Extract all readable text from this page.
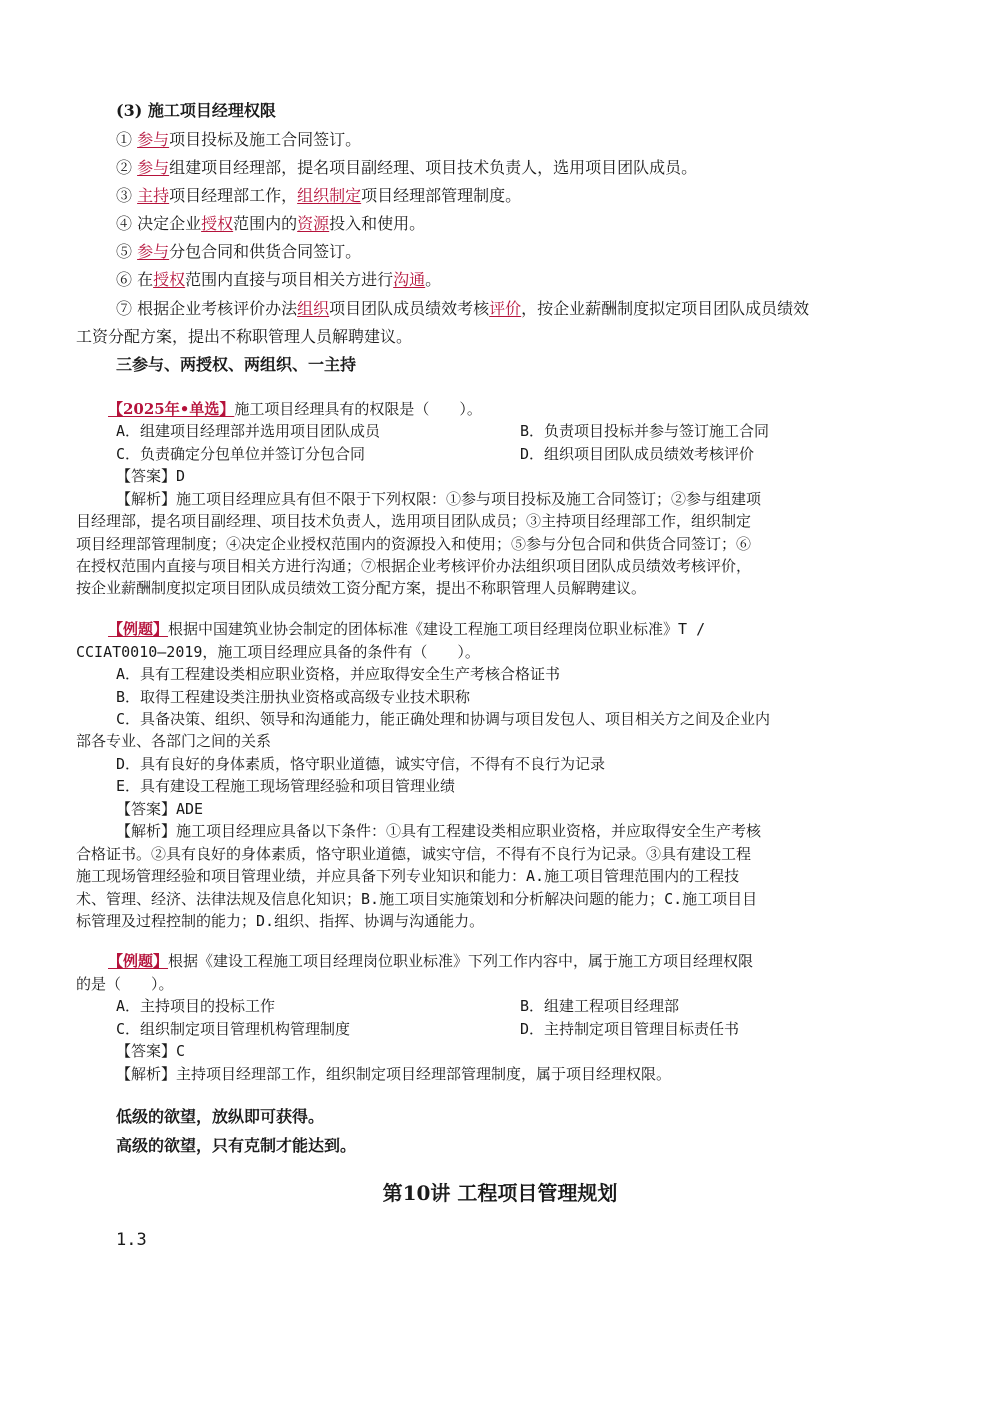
(3) 施工项目经理权限
① 参与项目投标及施工合同签订。
② 参与组建项目经理部，提名项目副经理、项目技术负责人，选用项目团队成员。
③ 主持项目经理部工作，组织制定项目经理部管理制度。
④ 决定企业授权范围内的资源投入和使用。
⑤ 参与分包合同和供货合同签订。
⑥ 在授权范围内直接与项目相关方进行沟通。
⑦ 根据企业考核评价办法组织项目团队成员绩效考核评价，按企业薪酬制度拟定项目团队成员绩效
工资分配方案，提出不称职管理人员解聘建议。
三参与、两授权、两组织、一主持
【2025年•单选】施工项目经理具有的权限是（　　）。
A．组建项目经理部并选用项目团队成员	B．负责项目投标并参与签订施工合同
C．负责确定分包单位并签订分包合同	D．组织项目团队成员绩效考核评价
【答案】D
【解析】施工项目经理应具有但不限于下列权限：①参与项目投标及施工合同签订；②参与组建项
目经理部，提名项目副经理、项目技术负责人，选用项目团队成员；③主持项目经理部工作，组织制定
项目经理部管理制度；④决定企业授权范围内的资源投入和使用；⑤参与分包合同和供货合同签订；⑥
在授权范围内直接与项目相关方进行沟通；⑦根据企业考核评价办法组织项目团队成员绩效考核评价，
按企业薪酬制度拟定项目团队成员绩效工资分配方案，提出不称职管理人员解聘建议。
【例题】根据中国建筑业协会制定的团体标准《建设工程施工项目经理岗位职业标准》T /
CCIAT0010—2019，施工项目经理应具备的条件有（　　）。
A．具有工程建设类相应职业资格，并应取得安全生产考核合格证书
B．取得工程建设类注册执业资格或高级专业技术职称
C．具备决策、组织、领导和沟通能力，能正确处理和协调与项目发包人、项目相关方之间及企业内
部各专业、各部门之间的关系
D．具有良好的身体素质，恪守职业道德，诚实守信，不得有不良行为记录
E．具有建设工程施工现场管理经验和项目管理业绩
【答案】ADE
【解析】施工项目经理应具备以下条件：①具有工程建设类相应职业资格，并应取得安全生产考核
合格证书。②具有良好的身体素质，恪守职业道德，诚实守信，不得有不良行为记录。③具有建设工程
施工现场管理经验和项目管理业绩，并应具备下列专业知识和能力：A.施工项目管理范围内的工程技
术、管理、经济、法律法规及信息化知识；B.施工项目实施策划和分析解决问题的能力；C.施工项目目
标管理及过程控制的能力；D.组织、指挥、协调与沟通能力。
【例题】根据《建设工程施工项目经理岗位职业标准》下列工作内容中，属于施工方项目经理权限
的是（　　）。
A．主持项目的投标工作	B．组建工程项目经理部
C．组织制定项目管理机构管理制度	D．主持制定项目管理目标责任书
【答案】C
【解析】主持项目经理部工作，组织制定项目经理部管理制度，属于项目经理权限。
低级的欲望，放纵即可获得。
高级的欲望，只有克制才能达到。
第10讲 工程项目管理规划
1.3
